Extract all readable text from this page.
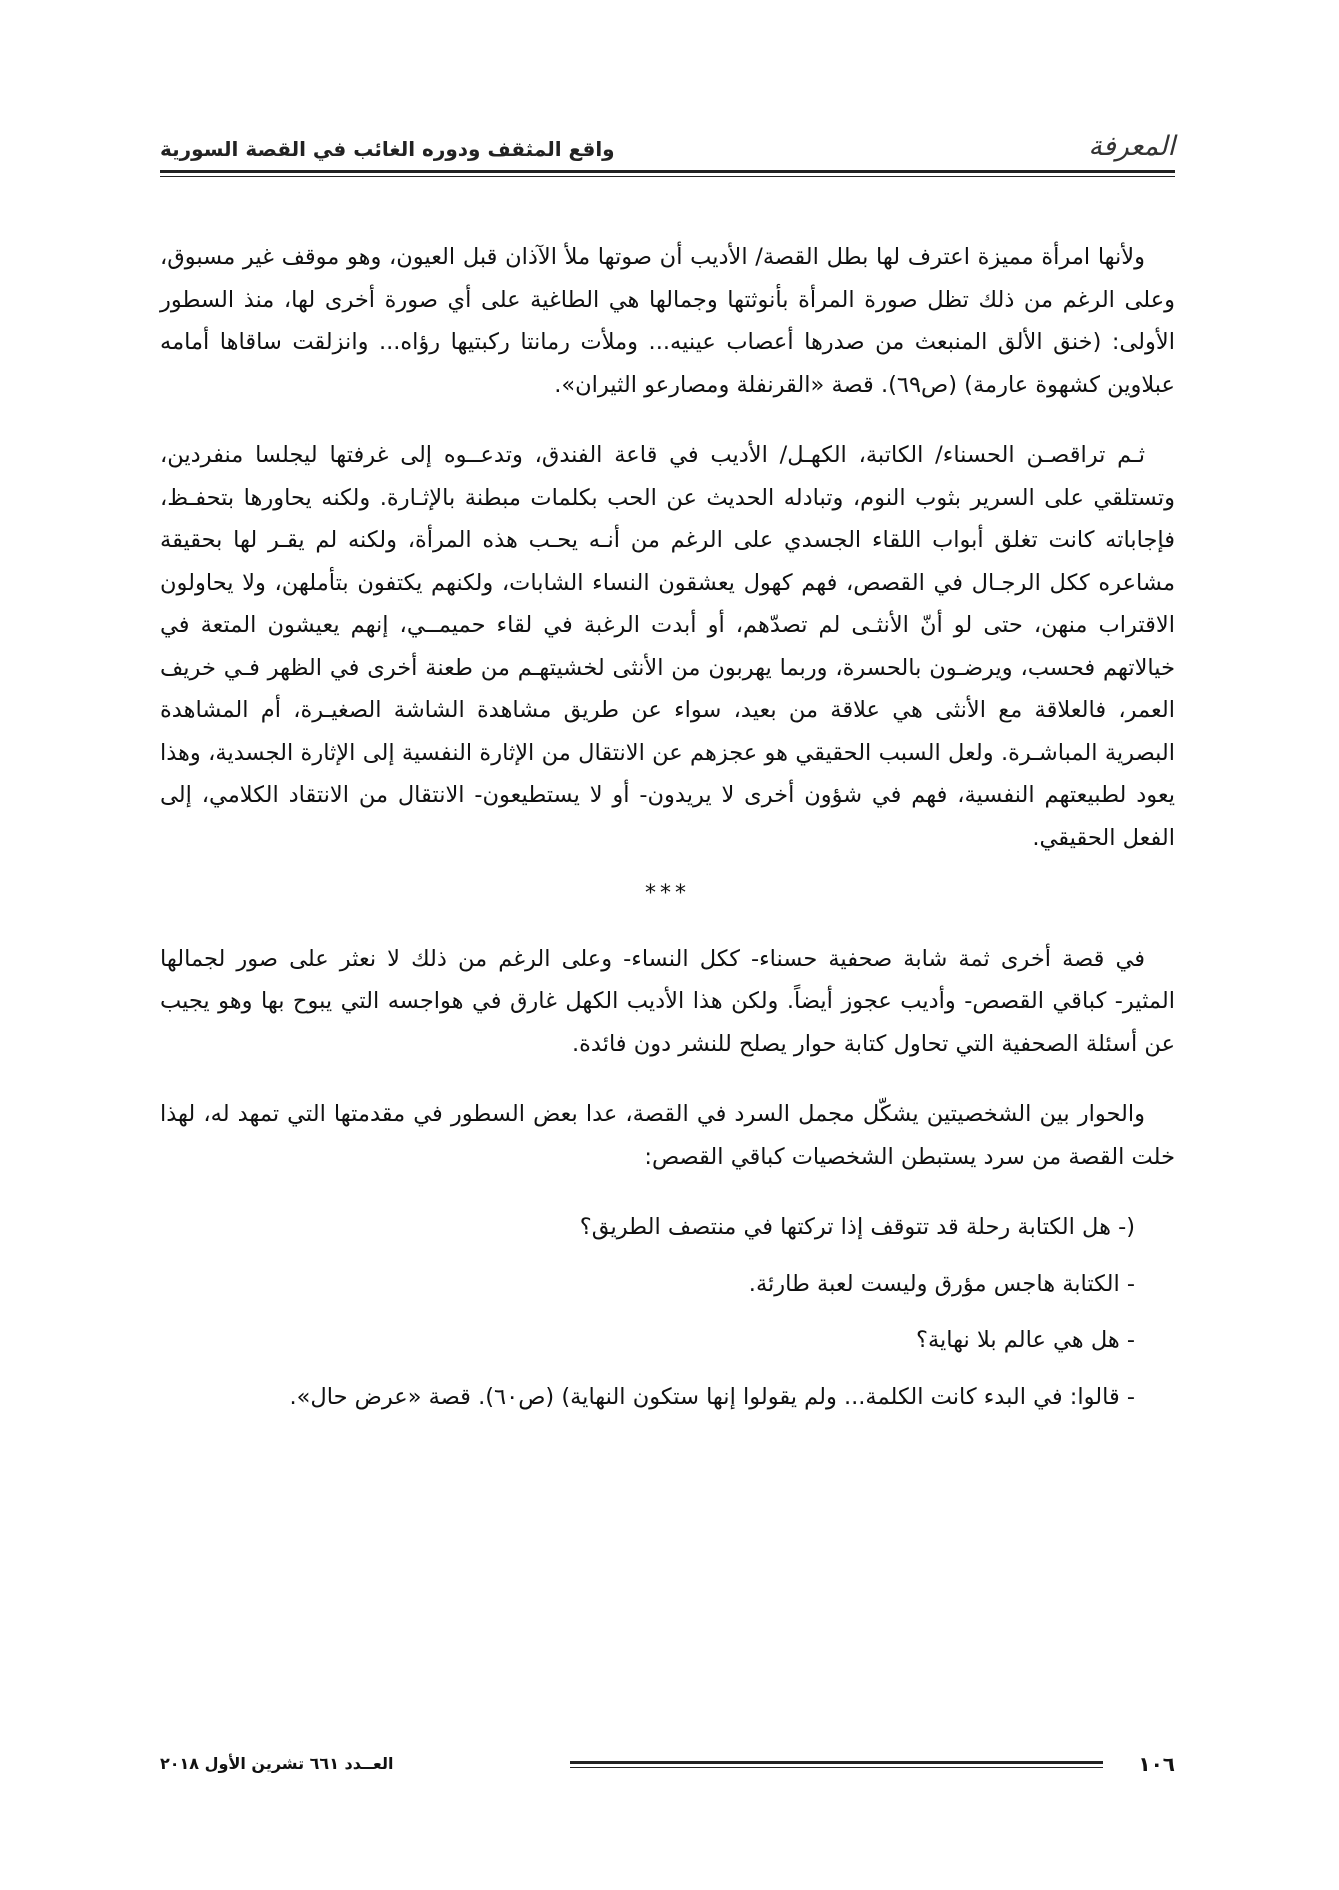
المعرفة
واقع المثقف ودوره الغائب في القصة السورية

ولأنها امرأة مميزة اعترف لها بطل القصة/ الأديب أن صوتها ملأ الآذان قبل العيون، وهو موقف غير مسبوق، وعلى الرغم من ذلك تظل صورة المرأة بأنوثتها وجمالها هي الطاغية على أي صورة أخرى لها، منذ السطور الأولى: (خنق الألق المنبعث من صدرها أعصاب عينيه... وملأت رمانتا ركبتيها رؤاه... وانزلقت ساقاها أمامه عبلاوين كشهوة عارمة) (ص٦٩). قصة «القرنفلة ومصارعو الثيران».

ثـم تراقصـن الحسناء/ الكاتبة، الكهـل/ الأديب في قاعة الفندق، وتدعــوه إلى غرفتها ليجلسا منفردين، وتستلقي على السرير بثوب النوم، وتبادله الحديث عن الحب بكلمات مبطنة بالإثـارة. ولكنه يحاورها بتحفـظ، فإجاباته كانت تغلق أبواب اللقاء الجسدي على الرغم من أنـه يحـب هذه المرأة، ولكنه لم يقـر لها بحقيقة مشاعره ككل الرجـال في القصص، فهم كهول يعشقون النساء الشابات، ولكنهم يكتفون بتأملهن، ولا يحاولون الاقتراب منهن، حتى لو أنّ الأنثـى لم تصدّهم، أو أبدت الرغبة في لقاء حميمــي، إنهم يعيشون المتعة في خيالاتهم فحسب، ويرضـون بالحسرة، وربما يهربون من الأنثى لخشيتهـم من طعنة أخرى في الظهر فـي خريف العمر، فالعلاقة مع الأنثى هي علاقة من بعيد، سواء عن طريق مشاهدة الشاشة الصغيـرة، أم المشاهدة البصرية المباشـرة. ولعل السبب الحقيقي هو عجزهم عن الانتقال من الإثارة النفسية إلى الإثارة الجسدية، وهذا يعود لطبيعتهم النفسية، فهم في شؤون أخرى لا يريدون- أو لا يستطيعون- الانتقال من الانتقاد الكلامي، إلى الفعل الحقيقي.

***

في قصة أخرى ثمة شابة صحفية حسناء- ككل النساء- وعلى الرغم من ذلك لا نعثر على صور لجمالها المثير- كباقي القصص- وأديب عجوز أيضاً. ولكن هذا الأديب الكهل غارق في هواجسه التي يبوح بها وهو يجيب عن أسئلة الصحفية التي تحاول كتابة حوار يصلح للنشر دون فائدة.

والحوار بين الشخصيتين يشكّل مجمل السرد في القصة، عدا بعض السطور في مقدمتها التي تمهد له، لهذا خلت القصة من سرد يستبطن الشخصيات كباقي القصص:

(- هل الكتابة رحلة قد تتوقف إذا تركتها في منتصف الطريق؟

- الكتابة هاجس مؤرق وليست لعبة طارئة.

- هل هي عالم بلا نهاية؟

- قالوا: في البدء كانت الكلمة... ولم يقولوا إنها ستكون النهاية) (ص٦٠). قصة «عرض حال».

١٠٦
العــدد ٦٦١ تشرين الأول ٢٠١٨
